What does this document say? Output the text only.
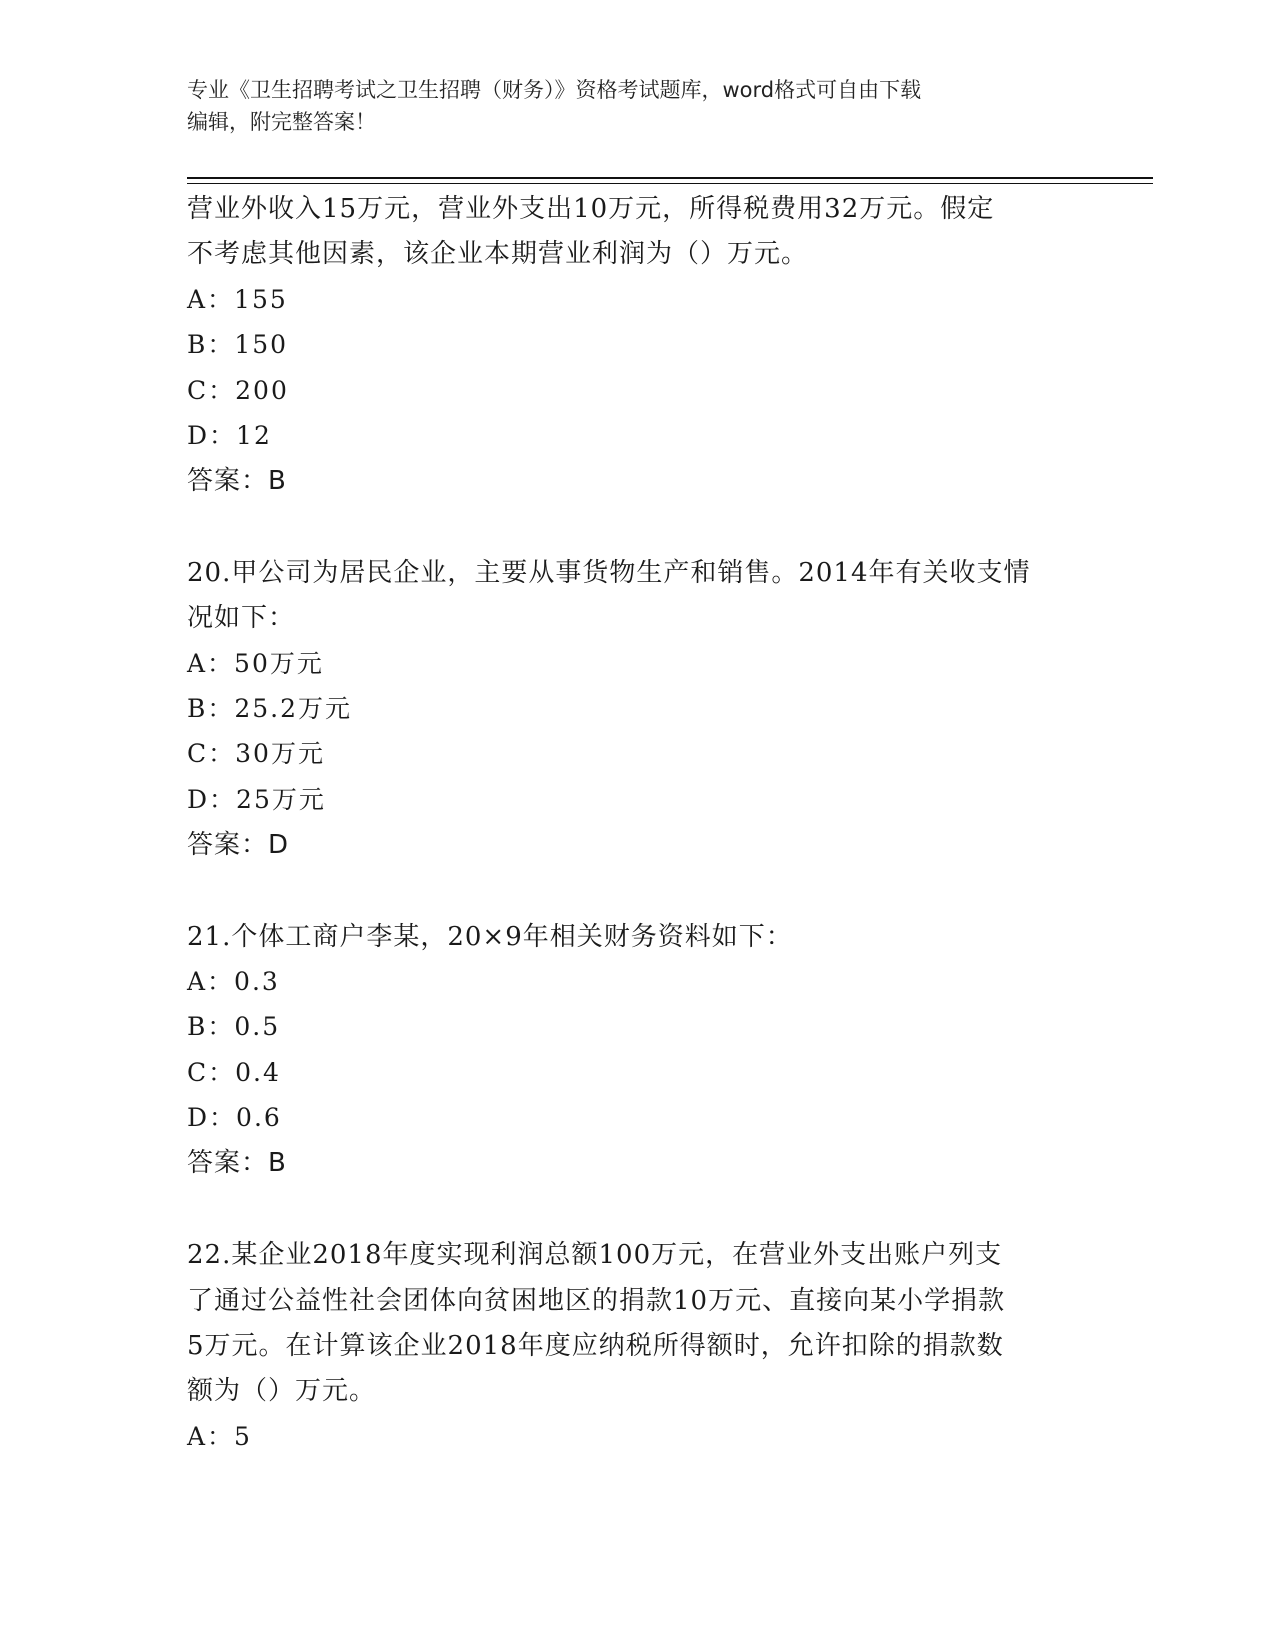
专业《卫生招聘考试之卫生招聘（财务）》资格考试题库，word格式可自由下载
编辑，附完整答案！
营业外收入15万元，营业外支出10万元，所得税费用32万元。假定
不考虑其他因素，该企业本期营业利润为（）万元。
A：155
B：150
C：200
D：12
答案：B
20.甲公司为居民企业，主要从事货物生产和销售。2014年有关收支情
况如下：
A：50万元
B：25.2万元
C：30万元
D：25万元
答案：D
21.个体工商户李某，20×9年相关财务资料如下：
A：0.3
B：0.5
C：0.4
D：0.6
答案：B
22.某企业2018年度实现利润总额100万元，在营业外支出账户列支
了通过公益性社会团体向贫困地区的捐款10万元、直接向某小学捐款
5万元。在计算该企业2018年度应纳税所得额时，允许扣除的捐款数
额为（）万元。
A：5
